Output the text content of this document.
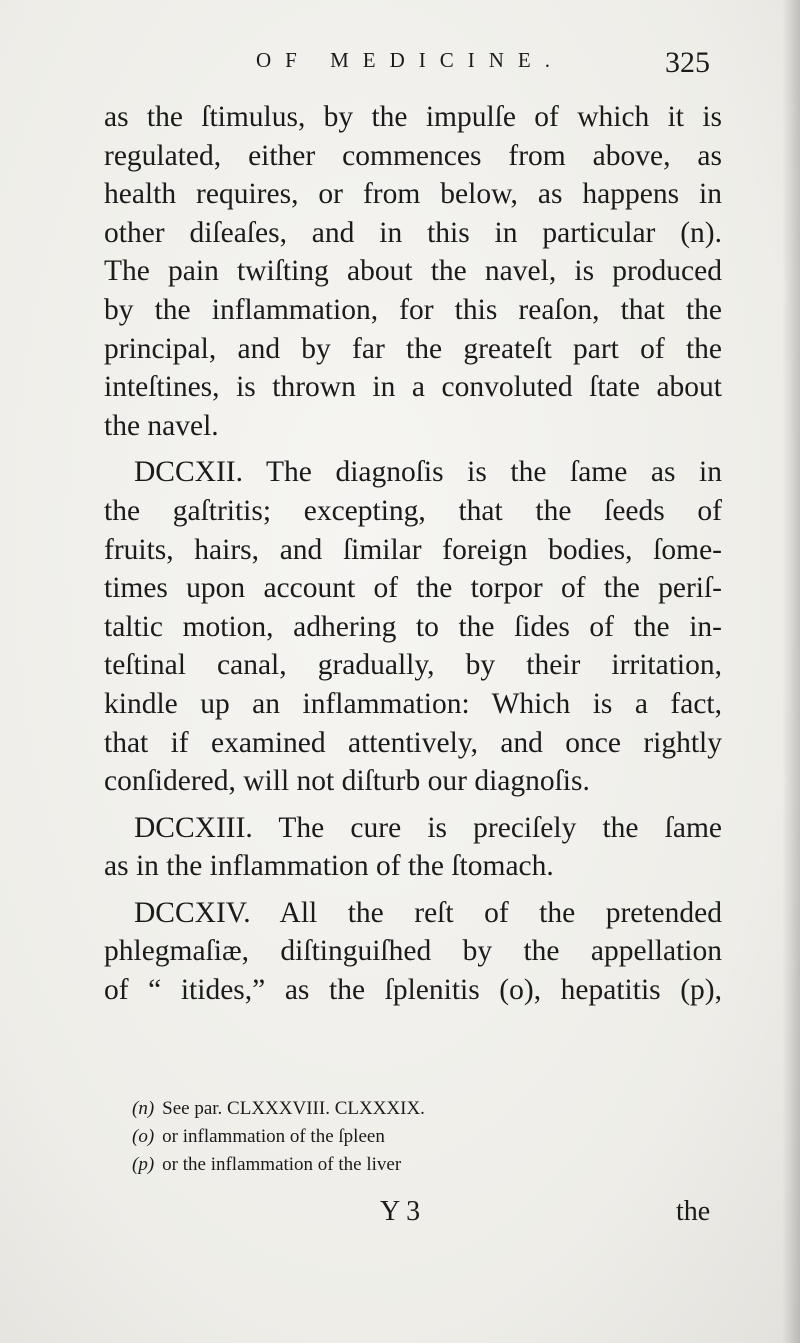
OF MEDICINE.	325
as the ſtimulus, by the impulſe of which it is
regulated, either commences from above, as
health requires, or from below, as happens in
other diſeaſes, and in this in particular (n).
The pain twiſting about the navel, is produced
by the inflammation, for this reaſon, that the
principal, and by far the greateſt part of the
inteſtines, is thrown in a convoluted ſtate about
the navel.
DCCXII. The diagnoſis is the ſame as in
the gaſtritis; excepting, that the ſeeds of
fruits, hairs, and ſimilar foreign bodies, ſome-
times upon account of the torpor of the periſ-
taltic motion, adhering to the ſides of the in-
teſtinal canal, gradually, by their irritation,
kindle up an inflammation: Which is a fact,
that if examined attentively, and once rightly
conſidered, will not diſturb our diagnoſis.
DCCXIII. The cure is preciſely the ſame
as in the inflammation of the ſtomach.
DCCXIV. All the reſt of the pretended
phlegmaſiæ, diſtinguiſhed by the appellation
of “ itides,” as the ſplenitis (o), hepatitis (p),
(n) See par. CLXXXVIII. CLXXXIX.
(o) or inflammation of the ſpleen
(p) or the inflammation of the liver
Y 3	the
